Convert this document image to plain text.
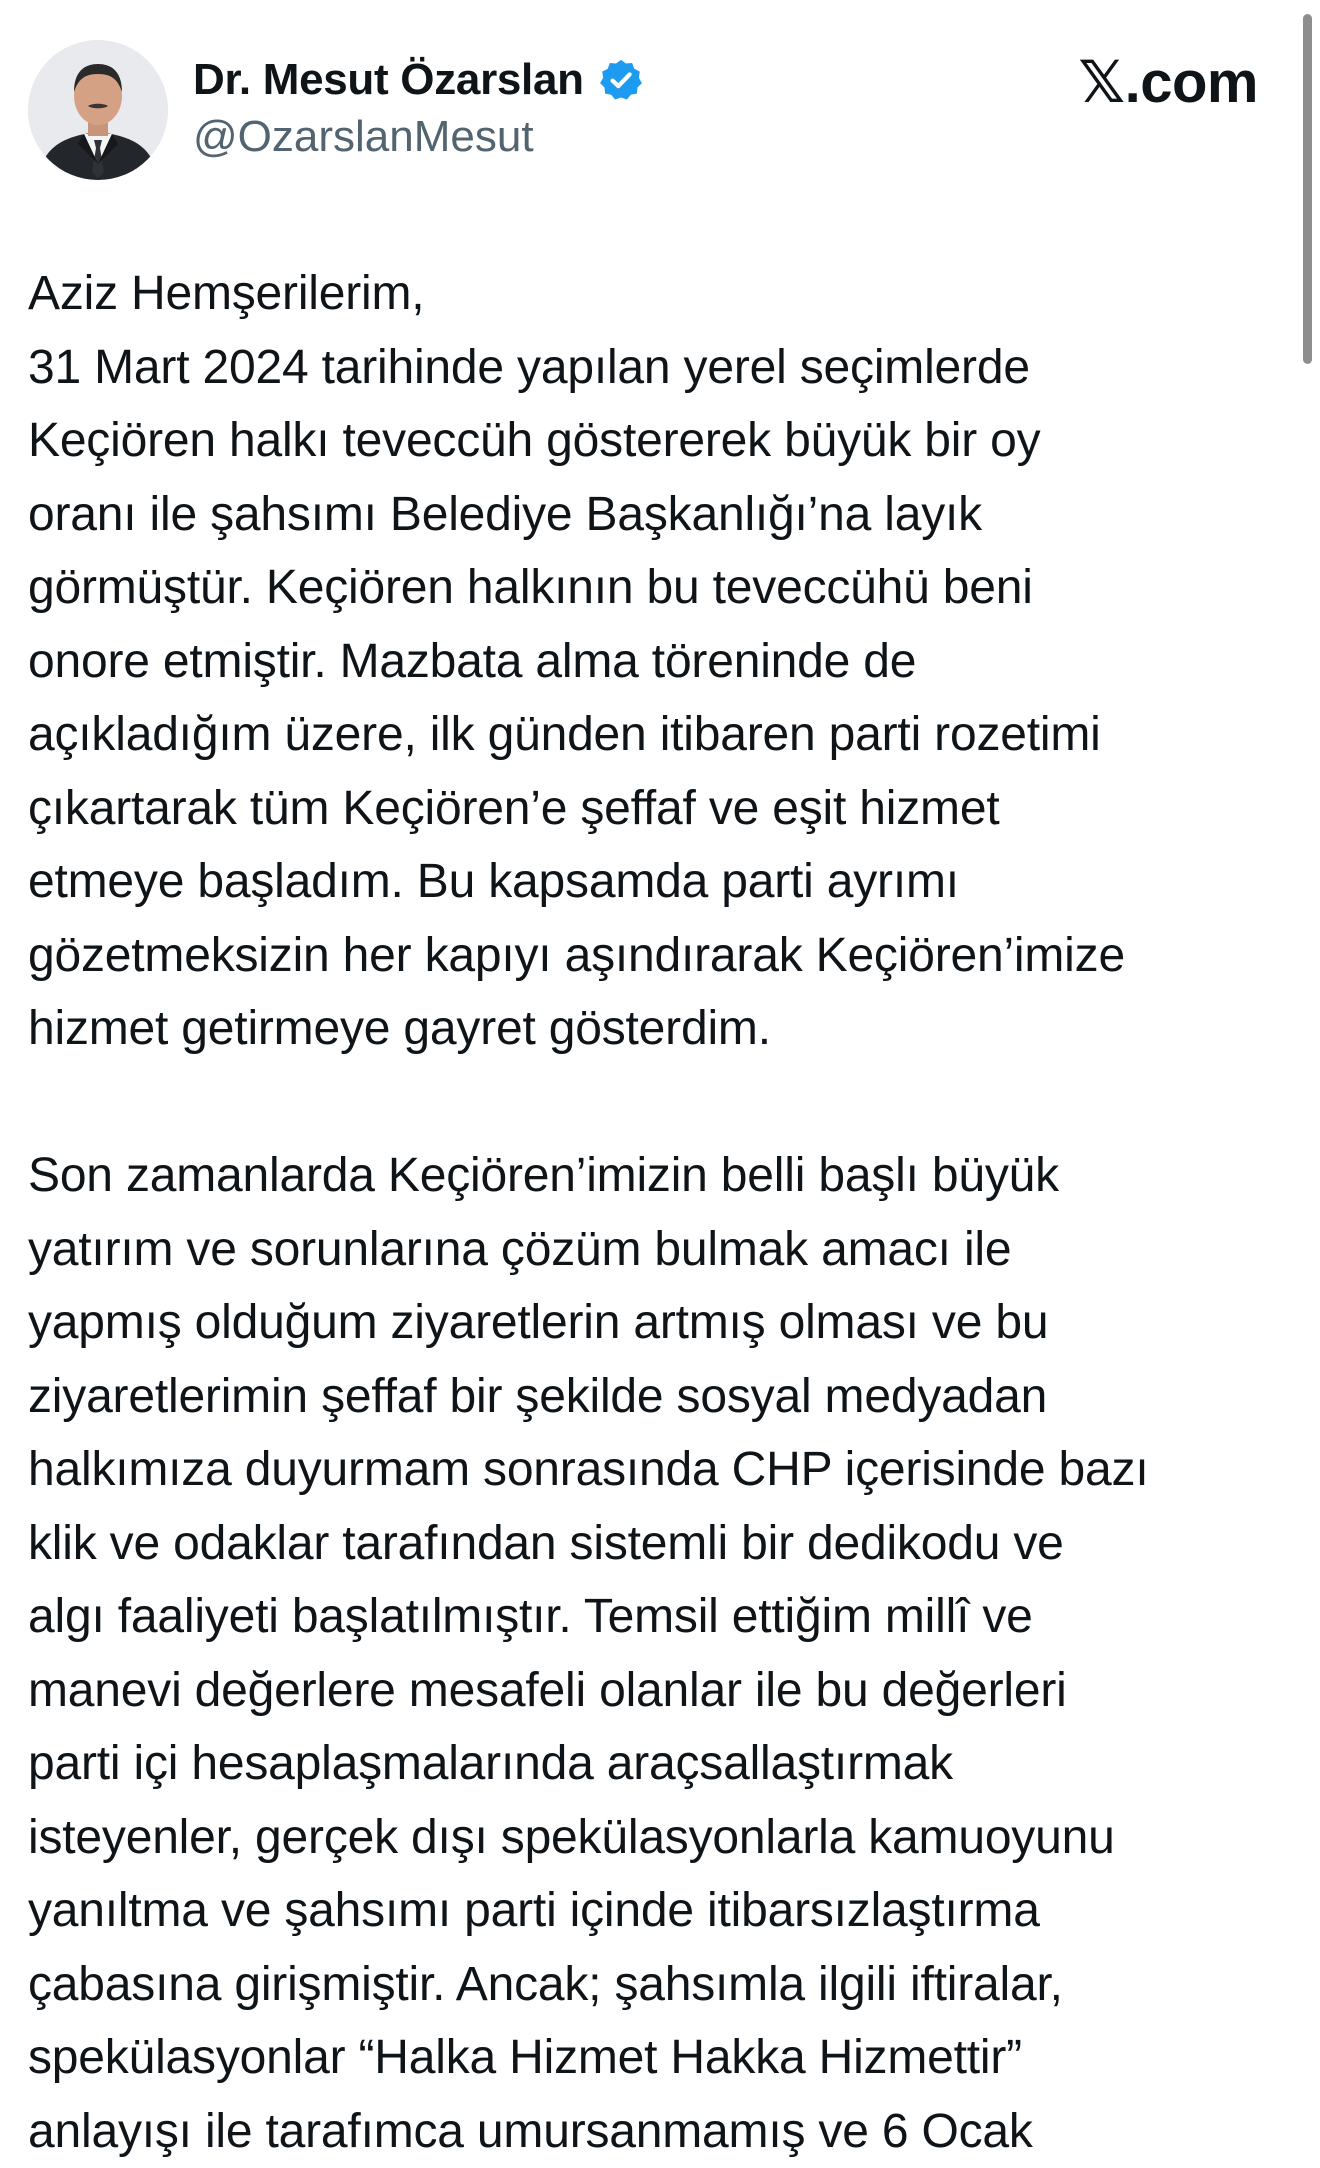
Dr. Mesut Özarslan
@OzarslanMesut
𝕏.com

Aziz Hemşerilerim,
31 Mart 2024 tarihinde yapılan yerel seçimlerde
Keçiören halkı teveccüh göstererek büyük bir oy
oranı ile şahsımı Belediye Başkanlığı’na layık
görmüştür. Keçiören halkının bu teveccühü beni
onore etmiştir. Mazbata alma töreninde de
açıkladığım üzere, ilk günden itibaren parti rozetimi
çıkartarak tüm Keçiören’e şeffaf ve eşit hizmet
etmeye başladım. Bu kapsamda parti ayrımı
gözetmeksizin her kapıyı aşındırarak Keçiören’imize
hizmet getirmeye gayret gösterdim.

Son zamanlarda Keçiören’imizin belli başlı büyük
yatırım ve sorunlarına çözüm bulmak amacı ile
yapmış olduğum ziyaretlerin artmış olması ve bu
ziyaretlerimin şeffaf bir şekilde sosyal medyadan
halkımıza duyurmam sonrasında CHP içerisinde bazı
klik ve odaklar tarafından sistemli bir dedikodu ve
algı faaliyeti başlatılmıştır. Temsil ettiğim millî ve
manevi değerlere mesafeli olanlar ile bu değerleri
parti içi hesaplaşmalarında araçsallaştırmak
isteyenler, gerçek dışı spekülasyonlarla kamuoyunu
yanıltma ve şahsımı parti içinde itibarsızlaştırma
çabasına girişmiştir. Ancak; şahsımla ilgili iftiralar,
spekülasyonlar “Halka Hizmet Hakka Hizmettir”
anlayışı ile tarafımca umursanmamış ve 6 Ocak
